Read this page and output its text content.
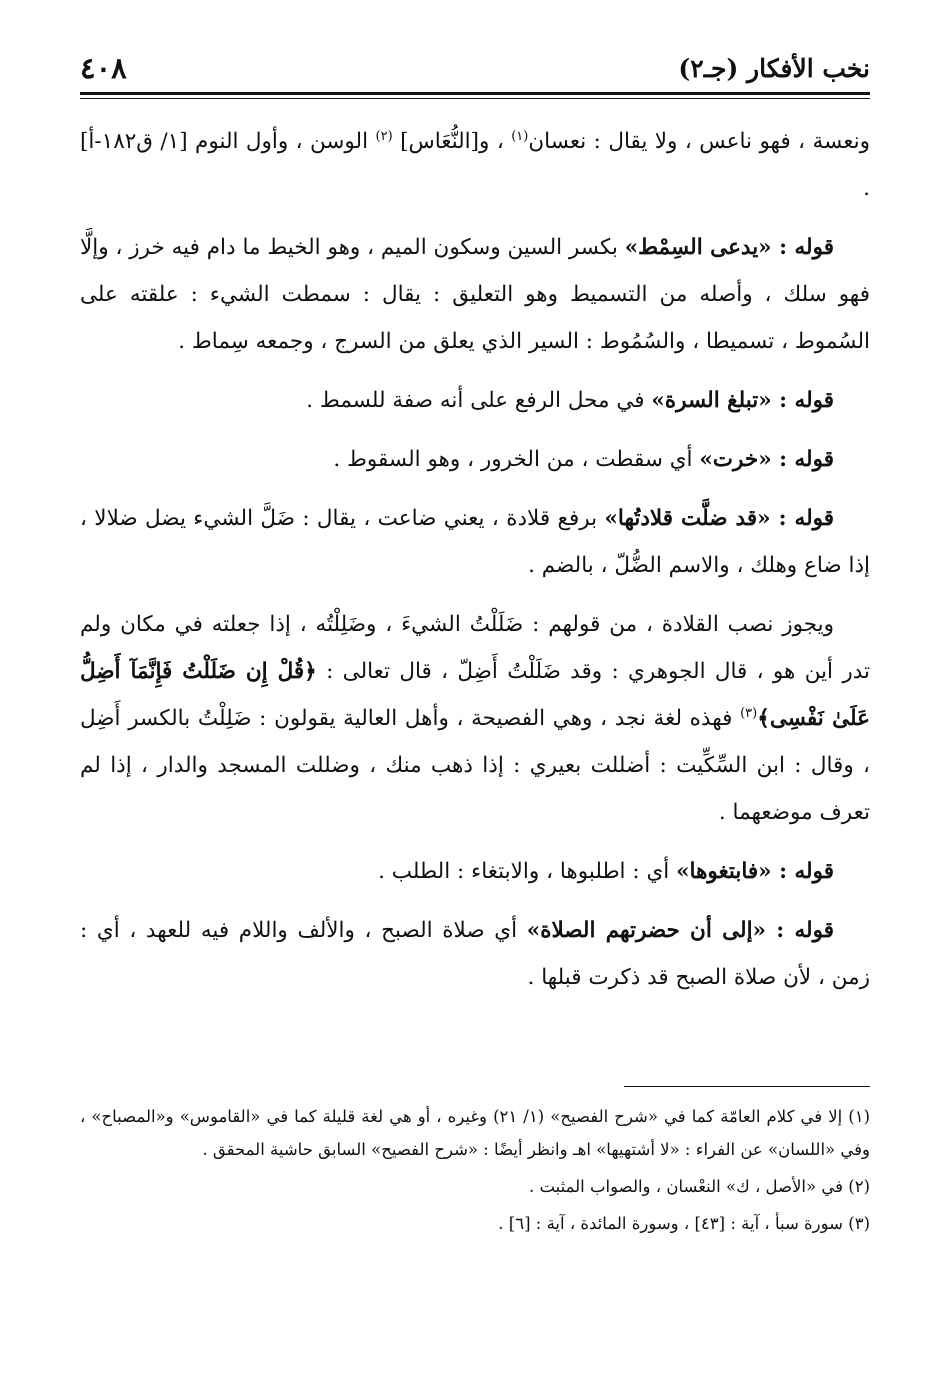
نخب الأفكار (جـ٢)
٤٠٨

ونعسة ، فهو ناعس ، ولا يقال : نعسان$^{(١)}$ ، و[النُّعَاس] $^{(٢)}$ الوسن ، وأول النوم [١/ ق١٨٢-أ] .

قوله : «يدعى السِمْط» بكسر السين وسكون الميم ، وهو الخيط ما دام فيه خرز ، وإلَّا فهو سلك ، وأصله من التسميط وهو التعليق : يقال : سمطت الشيء : علقته على السُموط ، تسميطا ، والسُمُوط : السير الذي يعلق من السرج ، وجمعه سِماط .

قوله : «تبلغ السرة» في محل الرفع على أنه صفة للسمط .

قوله : «خرت» أي سقطت ، من الخرور ، وهو السقوط .

قوله : «قد ضلَّت قلادتُها» برفع قلادة ، يعني ضاعت ، يقال : ضَلَّ الشيء يضل ضلالا ، إذا ضاع وهلك ، والاسم الضُّلّ ، بالضم .

ويجوز نصب القلادة ، من قولهم : ضَلَلْتُ الشيءَ ، وضَلِلْتُه ، إذا جعلته في مكان ولم تدر أين هو ، قال الجوهري : وقد ضَلَلْتُ أَضِلّ ، قال تعالى : ﴿قُلْ إِن ضَلَلْتُ فَإِنَّمَآ أَضِلُّ عَلَىٰ نَفْسِى﴾$^{(٣)}$ فهذه لغة نجد ، وهي الفصيحة ، وأهل العالية يقولون : ضَلِلْتُ بالكسر أَضِل ، وقال : ابن السِّكِّيت : أضللت بعيري : إذا ذهب منك ، وضللت المسجد والدار ، إذا لم تعرف موضعهما .

قوله : «فابتغوها» أي : اطلبوها ، والابتغاء : الطلب .

قوله : «إلى أن حضرتهم الصلاة» أي صلاة الصبح ، والألف واللام فيه للعهد ، أي : زمن ، لأن صلاة الصبح قد ذكرت قبلها .

(١) إلا في كلام العامّة كما في «شرح الفصيح» (١/ ٢١) وغيره ، أو هي لغة قليلة كما في «القاموس» و«المصباح» ، وفي «اللسان» عن الفراء : «لا أشتهيها» اهـ وانظر أيضًا : «شرح الفصيح» السابق حاشية المحقق .

(٢) في «الأصل ، ك» النعْسان ، والصواب المثبت .

(٣) سورة سبأ ، آية : [٤٣] ، وسورة المائدة ، آية : [٦] .
